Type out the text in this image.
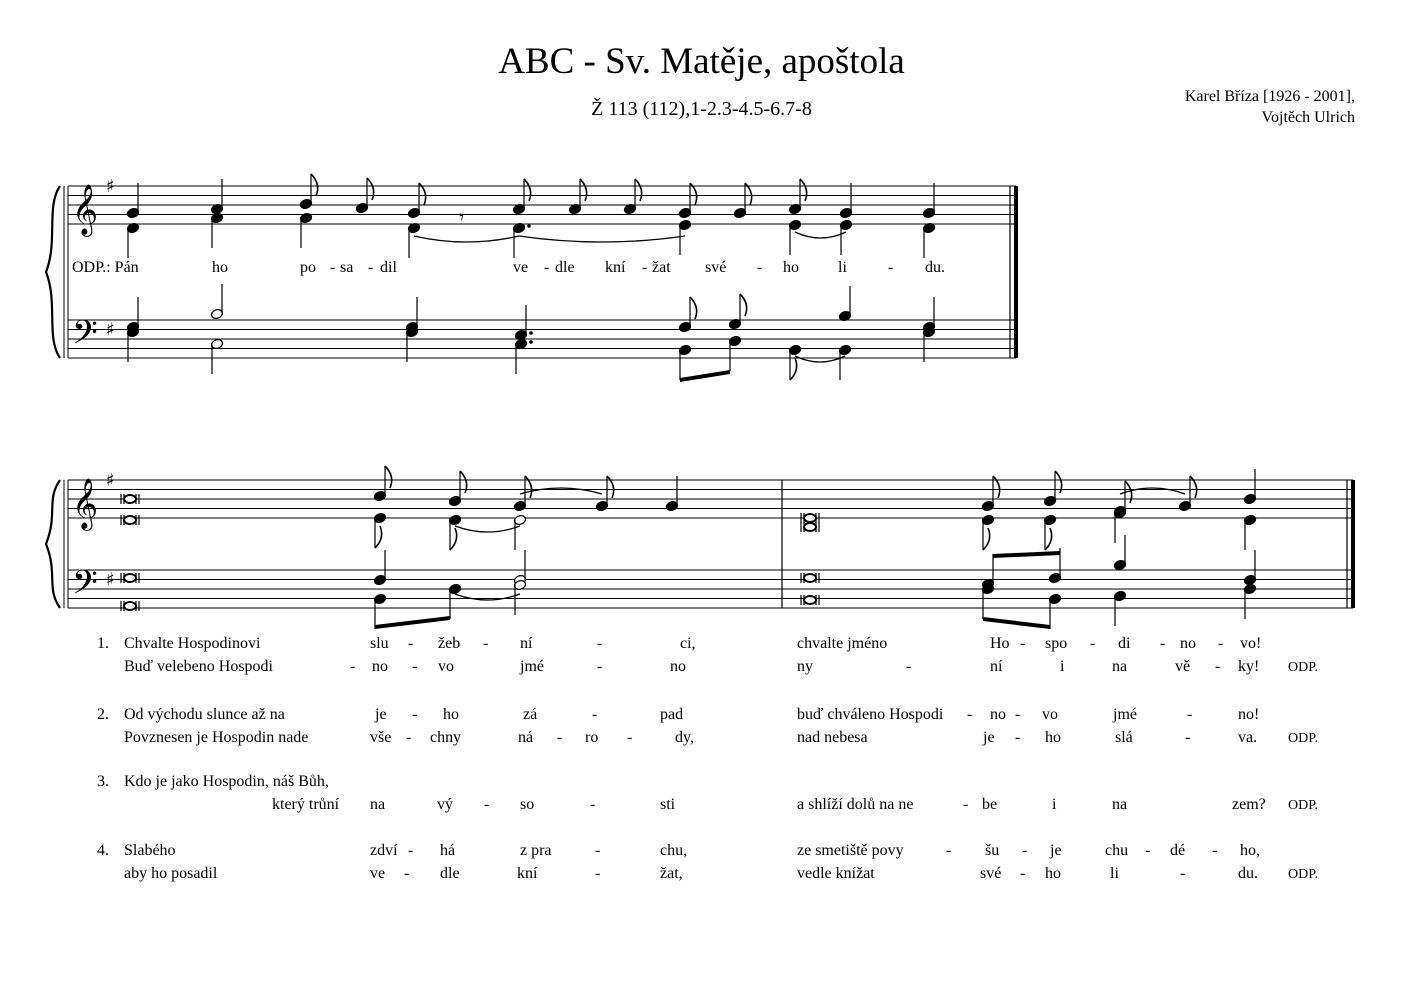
ABC - Sv. Matěje, apoštola
Ž 113 (112),1-2.3-4.5-6.7-8
Karel Bříza [1926 - 2001],
Vojtěch Ulrich
𝄞 ♯
𝄢 ♯
𝄞 ♯
𝄢 ♯
𝄾
ODP.: Pán	ho	po - sa - dil	ve - dle kní - žat své - ho li	- du.
1. Chvalte Hospodinovi	slu - žeb - ní	-	ci,	chvalte jméno	Ho - spo - di - no - vo!
Buď velebeno Hospodi	- no - vo	jmé	-	no	ny	-	ní	i	na	vě - ky! ODP.
2. Od východu slunce až na	je - ho	zá	-	pad	buď chváleno Hospodi - no - vo	jmé	-	no!
Povznesen je Hospodin nade	vše - chny	ná - ro -	dy,	nad nebesa	je - ho	slá	-	va. ODP.
3. Kdo je jako Hospodin, náš Bůh,
který trůní na	vý - so	-	sti	a shlíží dolů na ne	- be	i	na	zem? ODP.
4. Slabého	zdví - há	z pra	-	chu,	ze smetiště povy	- šu - je	chu - dé - ho,
aby ho posadil	ve - dle	kní	-	žat,	vedle knížat	své - ho	li	-	du. ODP.
